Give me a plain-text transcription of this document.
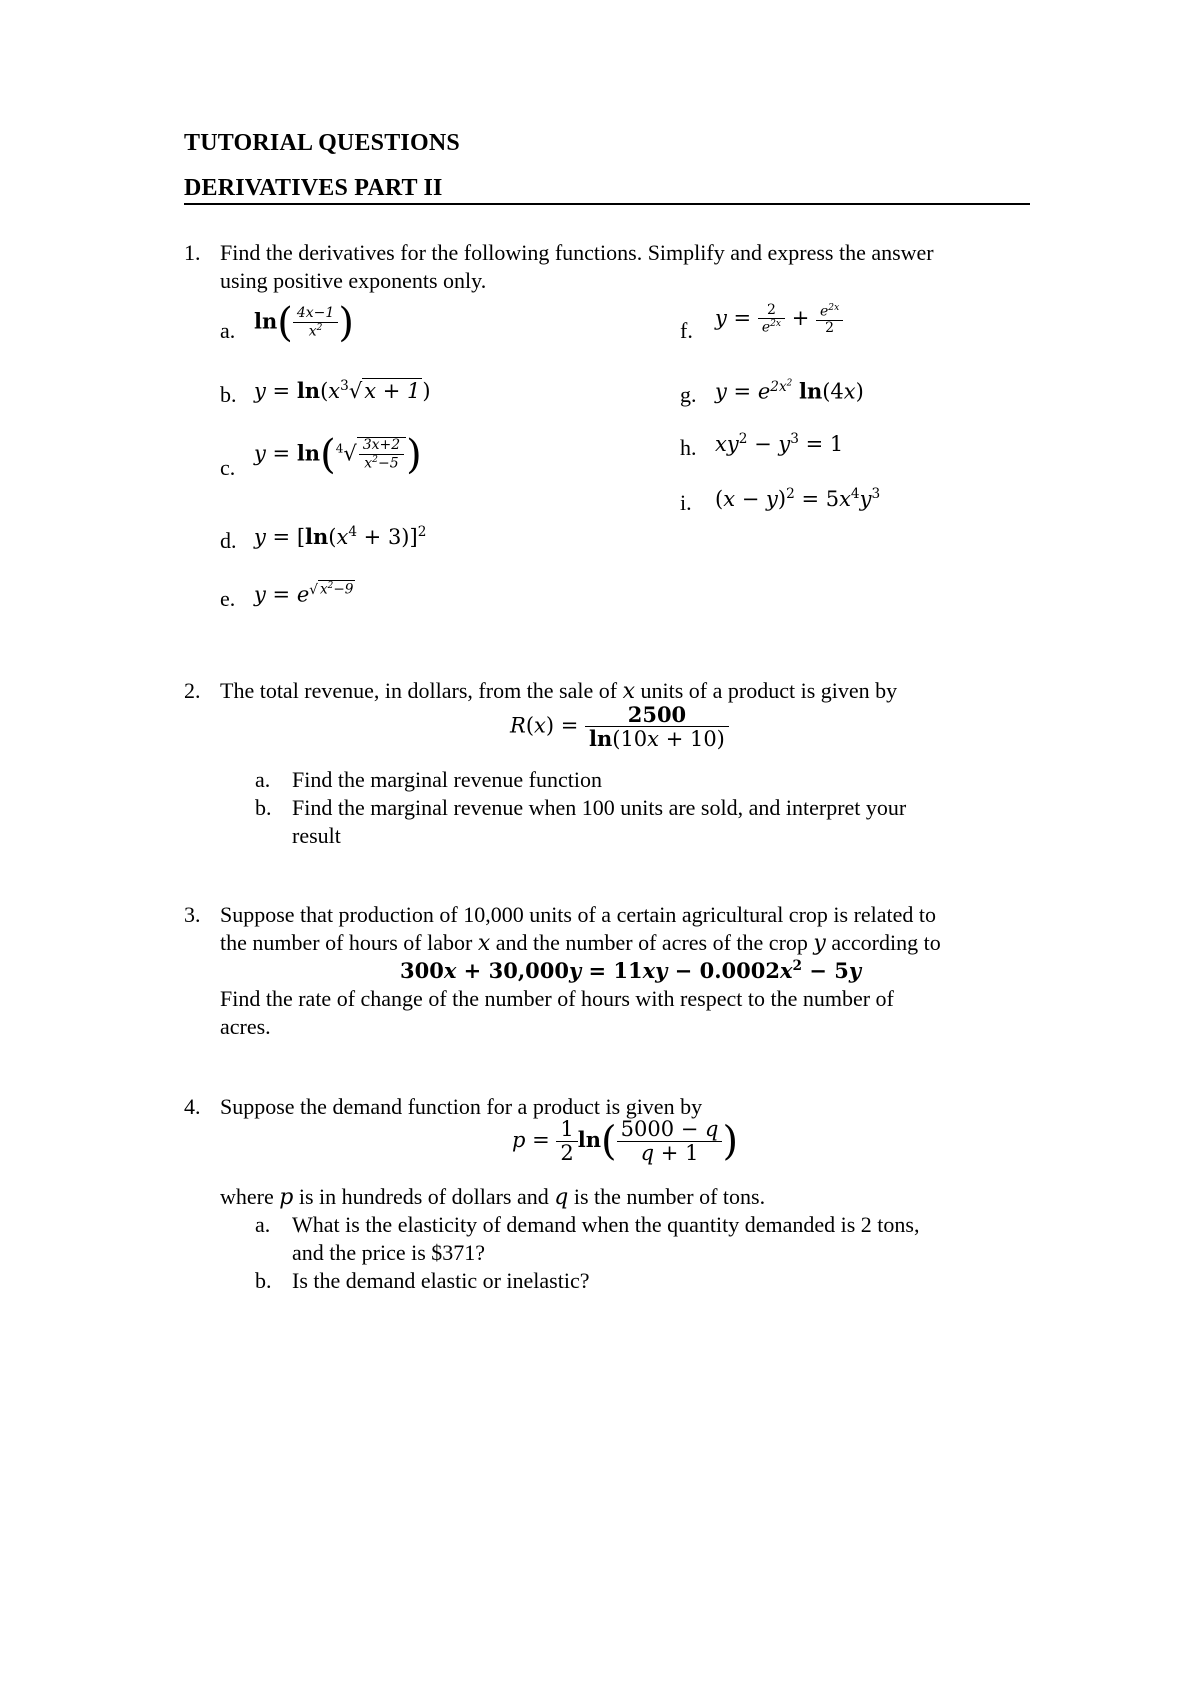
TUTORIAL QUESTIONS
DERIVATIVES PART II
1. Find the derivatives for the following functions. Simplify and express the answer
using positive exponents only.
a. $\ln( \frac{4x-1}{x^2}$ )
b. $y = \ln(x^3√x + 1)$
c.
$y = \ln(^4√ \frac{3x+2}{x^2-5}$ )
d. $y = [\ln(x^4 + 3)]^2$
e. $y = e^{√ x^2-9}$
f. $y = \frac{2}{e^{2x}} + \frac{e^{2x}}{2}$
g. $y = e^{2x^2}$ ln(4x)
h. $xy^2 - y^3 = 1$
i. $(x - y)^2 = 5x^4y^3$
2. The total revenue, in dollars, from the sale of x units of a product is given by
$R(x) = \frac{2500}{\ln(10x + 10)}$
a. Find the marginal revenue function
b. Find the marginal revenue when 100 units are sold, and interpret your
result
3. Suppose that production of 10,000 units of a certain agricultural crop is related to
the number of hours of labor x and the number of acres of the crop y according to
$300x + 30,000y = 11xy - 0.0002x^2 - 5y$
Find the rate of change of the number of hours with respect to the number of
acres.
4. Suppose the demand function for a product is given by
$p = \frac{1}{2} \ln( \frac{5000 - q}{q + 1}$ )
where p is in hundreds of dollars and q is the number of tons.
a. What is the elasticity of demand when the quantity demanded is 2 tons,
and the price is $371?
b. Is the demand elastic or inelastic?
